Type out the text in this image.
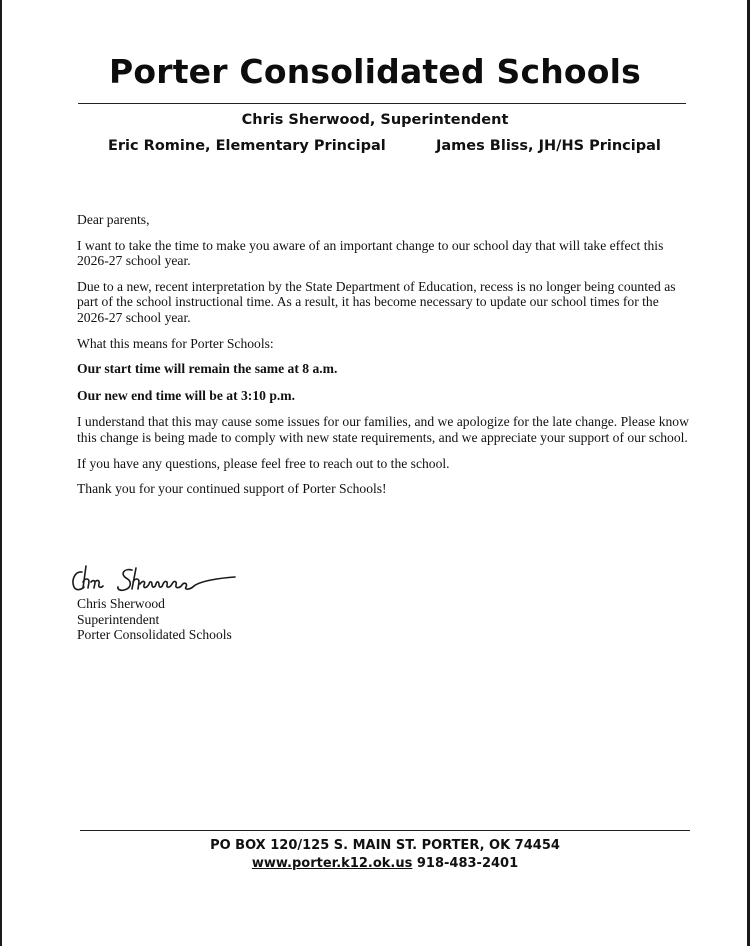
Porter Consolidated Schools
Chris Sherwood, Superintendent
Eric Romine, Elementary Principal	James Bliss, JH/HS Principal

Dear parents,

I want to take the time to make you aware of an important change to our school day that will take effect this 2026-27 school year.

Due to a new, recent interpretation by the State Department of Education, recess is no longer being counted as part of the school instructional time. As a result, it has become necessary to update our school times for the 2026-27 school year.

What this means for Porter Schools:

Our start time will remain the same at 8 a.m.

Our new end time will be at 3:10 p.m.

I understand that this may cause some issues for our families, and we apologize for the late change. Please know this change is being made to comply with new state requirements, and we appreciate your support of our school.

If you have any questions, please feel free to reach out to the school.

Thank you for your continued support of Porter Schools!

Chris Sherwood
Superintendent
Porter Consolidated Schools
PO BOX 120/125 S. MAIN ST. PORTER, OK 74454
www.porter.k12.ok.us 918-483-2401
